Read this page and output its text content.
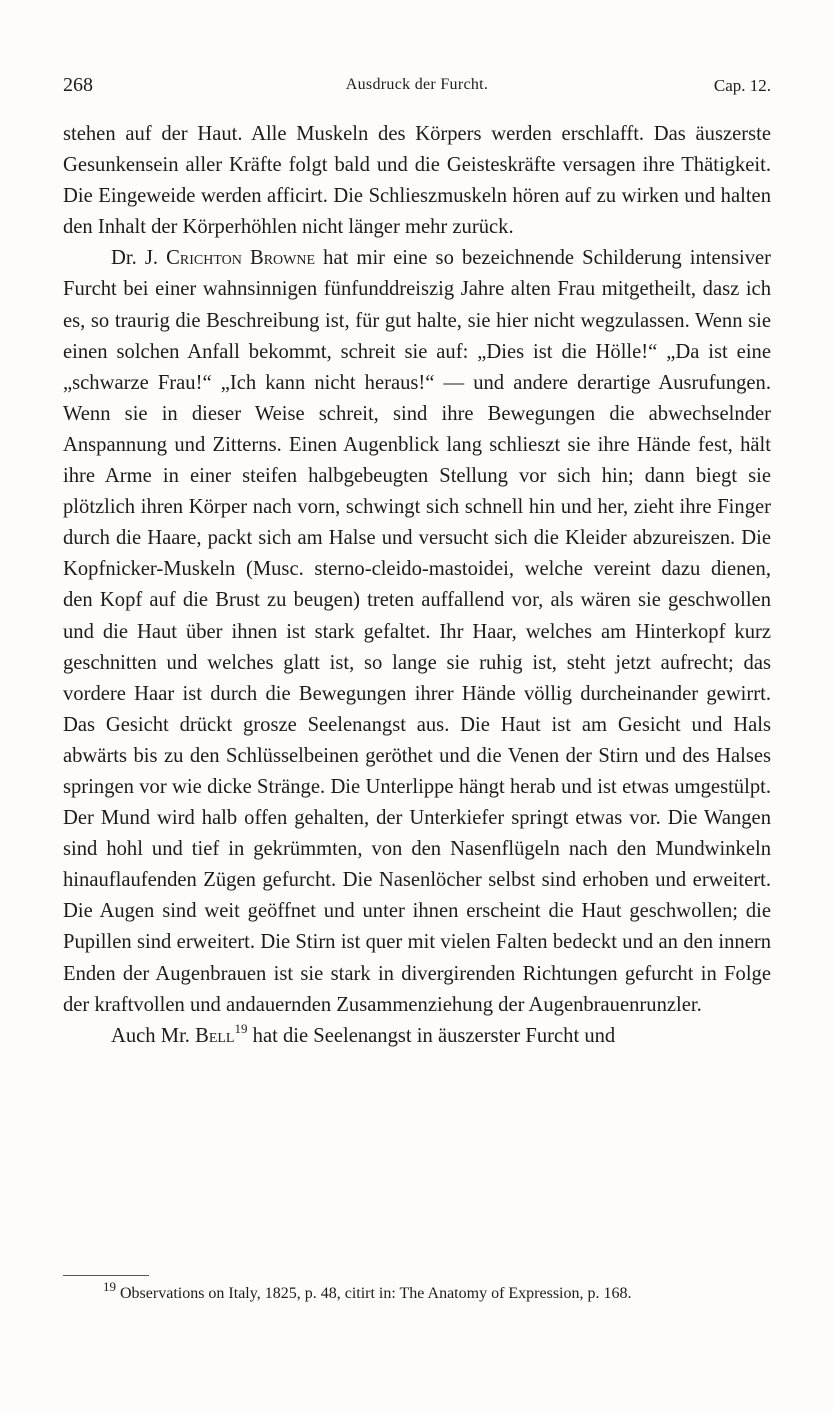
268	Ausdruck der Furcht.	Cap. 12.

stehen auf der Haut. Alle Muskeln des Körpers werden erschlafft. Das äuszerste Gesunkensein aller Kräfte folgt bald und die Geisteskräfte versagen ihre Thätigkeit. Die Eingeweide werden afficirt. Die Schlieszmuskeln hören auf zu wirken und halten den Inhalt der Körperhöhlen nicht länger mehr zurück.

Dr. J. Crichton Browne hat mir eine so bezeichnende Schilderung intensiver Furcht bei einer wahnsinnigen fünfunddreiszig Jahre alten Frau mitgetheilt, dasz ich es, so traurig die Beschreibung ist, für gut halte, sie hier nicht wegzulassen. Wenn sie einen solchen Anfall bekommt, schreit sie auf: „Dies ist die Hölle!“ „Da ist eine „schwarze Frau!“ „Ich kann nicht heraus!“ — und andere derartige Ausrufungen. Wenn sie in dieser Weise schreit, sind ihre Bewegungen die abwechselnder Anspannung und Zitterns. Einen Augenblick lang schlieszt sie ihre Hände fest, hält ihre Arme in einer steifen halbgebeugten Stellung vor sich hin; dann biegt sie plötzlich ihren Körper nach vorn, schwingt sich schnell hin und her, zieht ihre Finger durch die Haare, packt sich am Halse und versucht sich die Kleider abzureiszen. Die Kopfnicker-Muskeln (Musc. sterno-cleido-mastoidei, welche vereint dazu dienen, den Kopf auf die Brust zu beugen) treten auffallend vor, als wären sie geschwollen und die Haut über ihnen ist stark gefaltet. Ihr Haar, welches am Hinterkopf kurz geschnitten und welches glatt ist, so lange sie ruhig ist, steht jetzt aufrecht; das vordere Haar ist durch die Bewegungen ihrer Hände völlig durcheinander gewirrt. Das Gesicht drückt grosze Seelenangst aus. Die Haut ist am Gesicht und Hals abwärts bis zu den Schlüsselbeinen geröthet und die Venen der Stirn und des Halses springen vor wie dicke Stränge. Die Unterlippe hängt herab und ist etwas umgestülpt. Der Mund wird halb offen gehalten, der Unterkiefer springt etwas vor. Die Wangen sind hohl und tief in gekrümmten, von den Nasenflügeln nach den Mundwinkeln hinauflaufenden Zügen gefurcht. Die Nasenlöcher selbst sind erhoben und erweitert. Die Augen sind weit geöffnet und unter ihnen erscheint die Haut geschwollen; die Pupillen sind erweitert. Die Stirn ist quer mit vielen Falten bedeckt und an den innern Enden der Augenbrauen ist sie stark in divergirenden Richtungen gefurcht in Folge der kraftvollen und andauernden Zusammenziehung der Augenbrauenrunzler.

Auch Mr. Bell$^{19}$ hat die Seelenangst in äuszerster Furcht und

$^{19}$ Observations on Italy, 1825, p. 48, citirt in: The Anatomy of Expression, p. 168.
